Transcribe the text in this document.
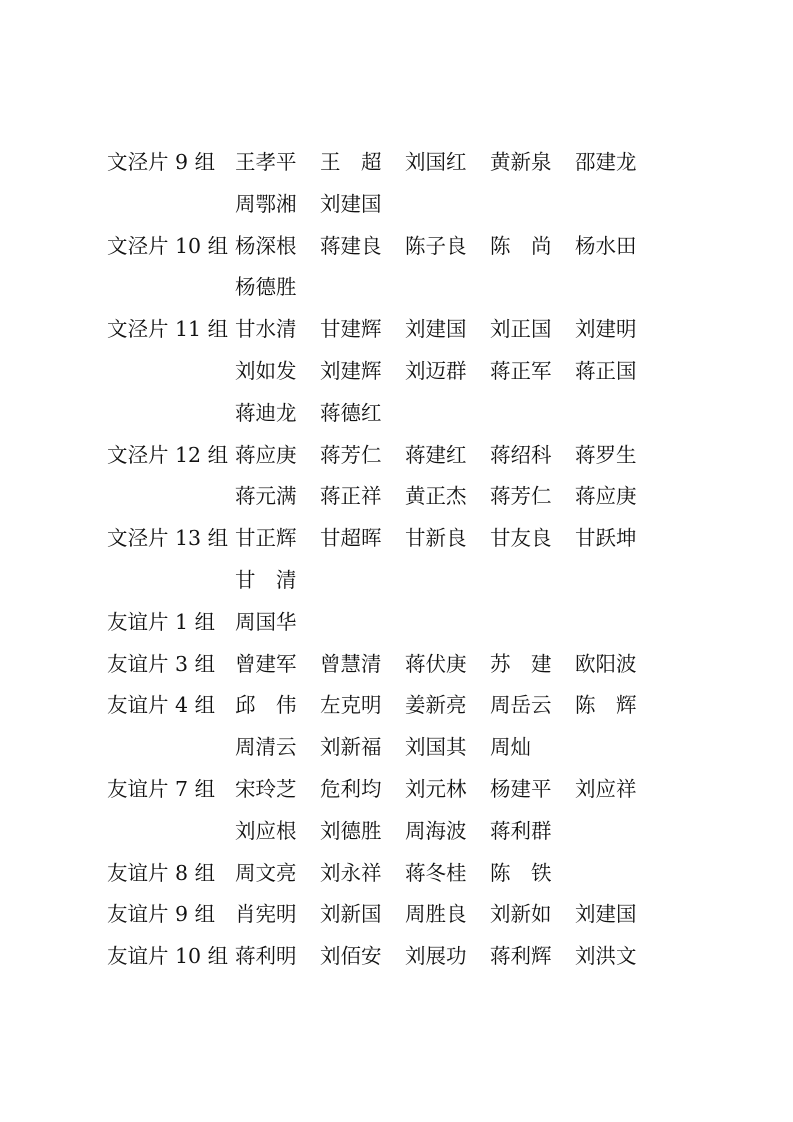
文泾片 9 组 王孝平 王　超 刘国红 黄新泉 邵建龙
周鄂湘 刘建国
文泾片 10 组 杨深根 蒋建良 陈子良 陈　尚 杨水田
杨德胜
文泾片 11 组 甘水清 甘建辉 刘建国 刘正国 刘建明
刘如发 刘建辉 刘迈群 蒋正军 蒋正国
蒋迪龙 蒋德红
文泾片 12 组 蒋应庚 蒋芳仁 蒋建红 蒋绍科 蒋罗生
蒋元满 蒋正祥 黄正杰 蒋芳仁 蒋应庚
文泾片 13 组 甘正辉 甘超晖 甘新良 甘友良 甘跃坤
甘　清
友谊片 1 组 周国华
友谊片 3 组 曾建军 曾慧清 蒋伏庚 苏　建 欧阳波
友谊片 4 组 邱　伟 左克明 姜新亮 周岳云 陈　辉
周清云 刘新福 刘国其 周灿
友谊片 7 组 宋玲芝 危利均 刘元林 杨建平 刘应祥
刘应根 刘德胜 周海波 蒋利群
友谊片 8 组 周文亮 刘永祥 蒋冬桂 陈　铁
友谊片 9 组 肖宪明 刘新国 周胜良 刘新如 刘建国
友谊片 10 组 蒋利明 刘佰安 刘展功 蒋利辉 刘洪文
